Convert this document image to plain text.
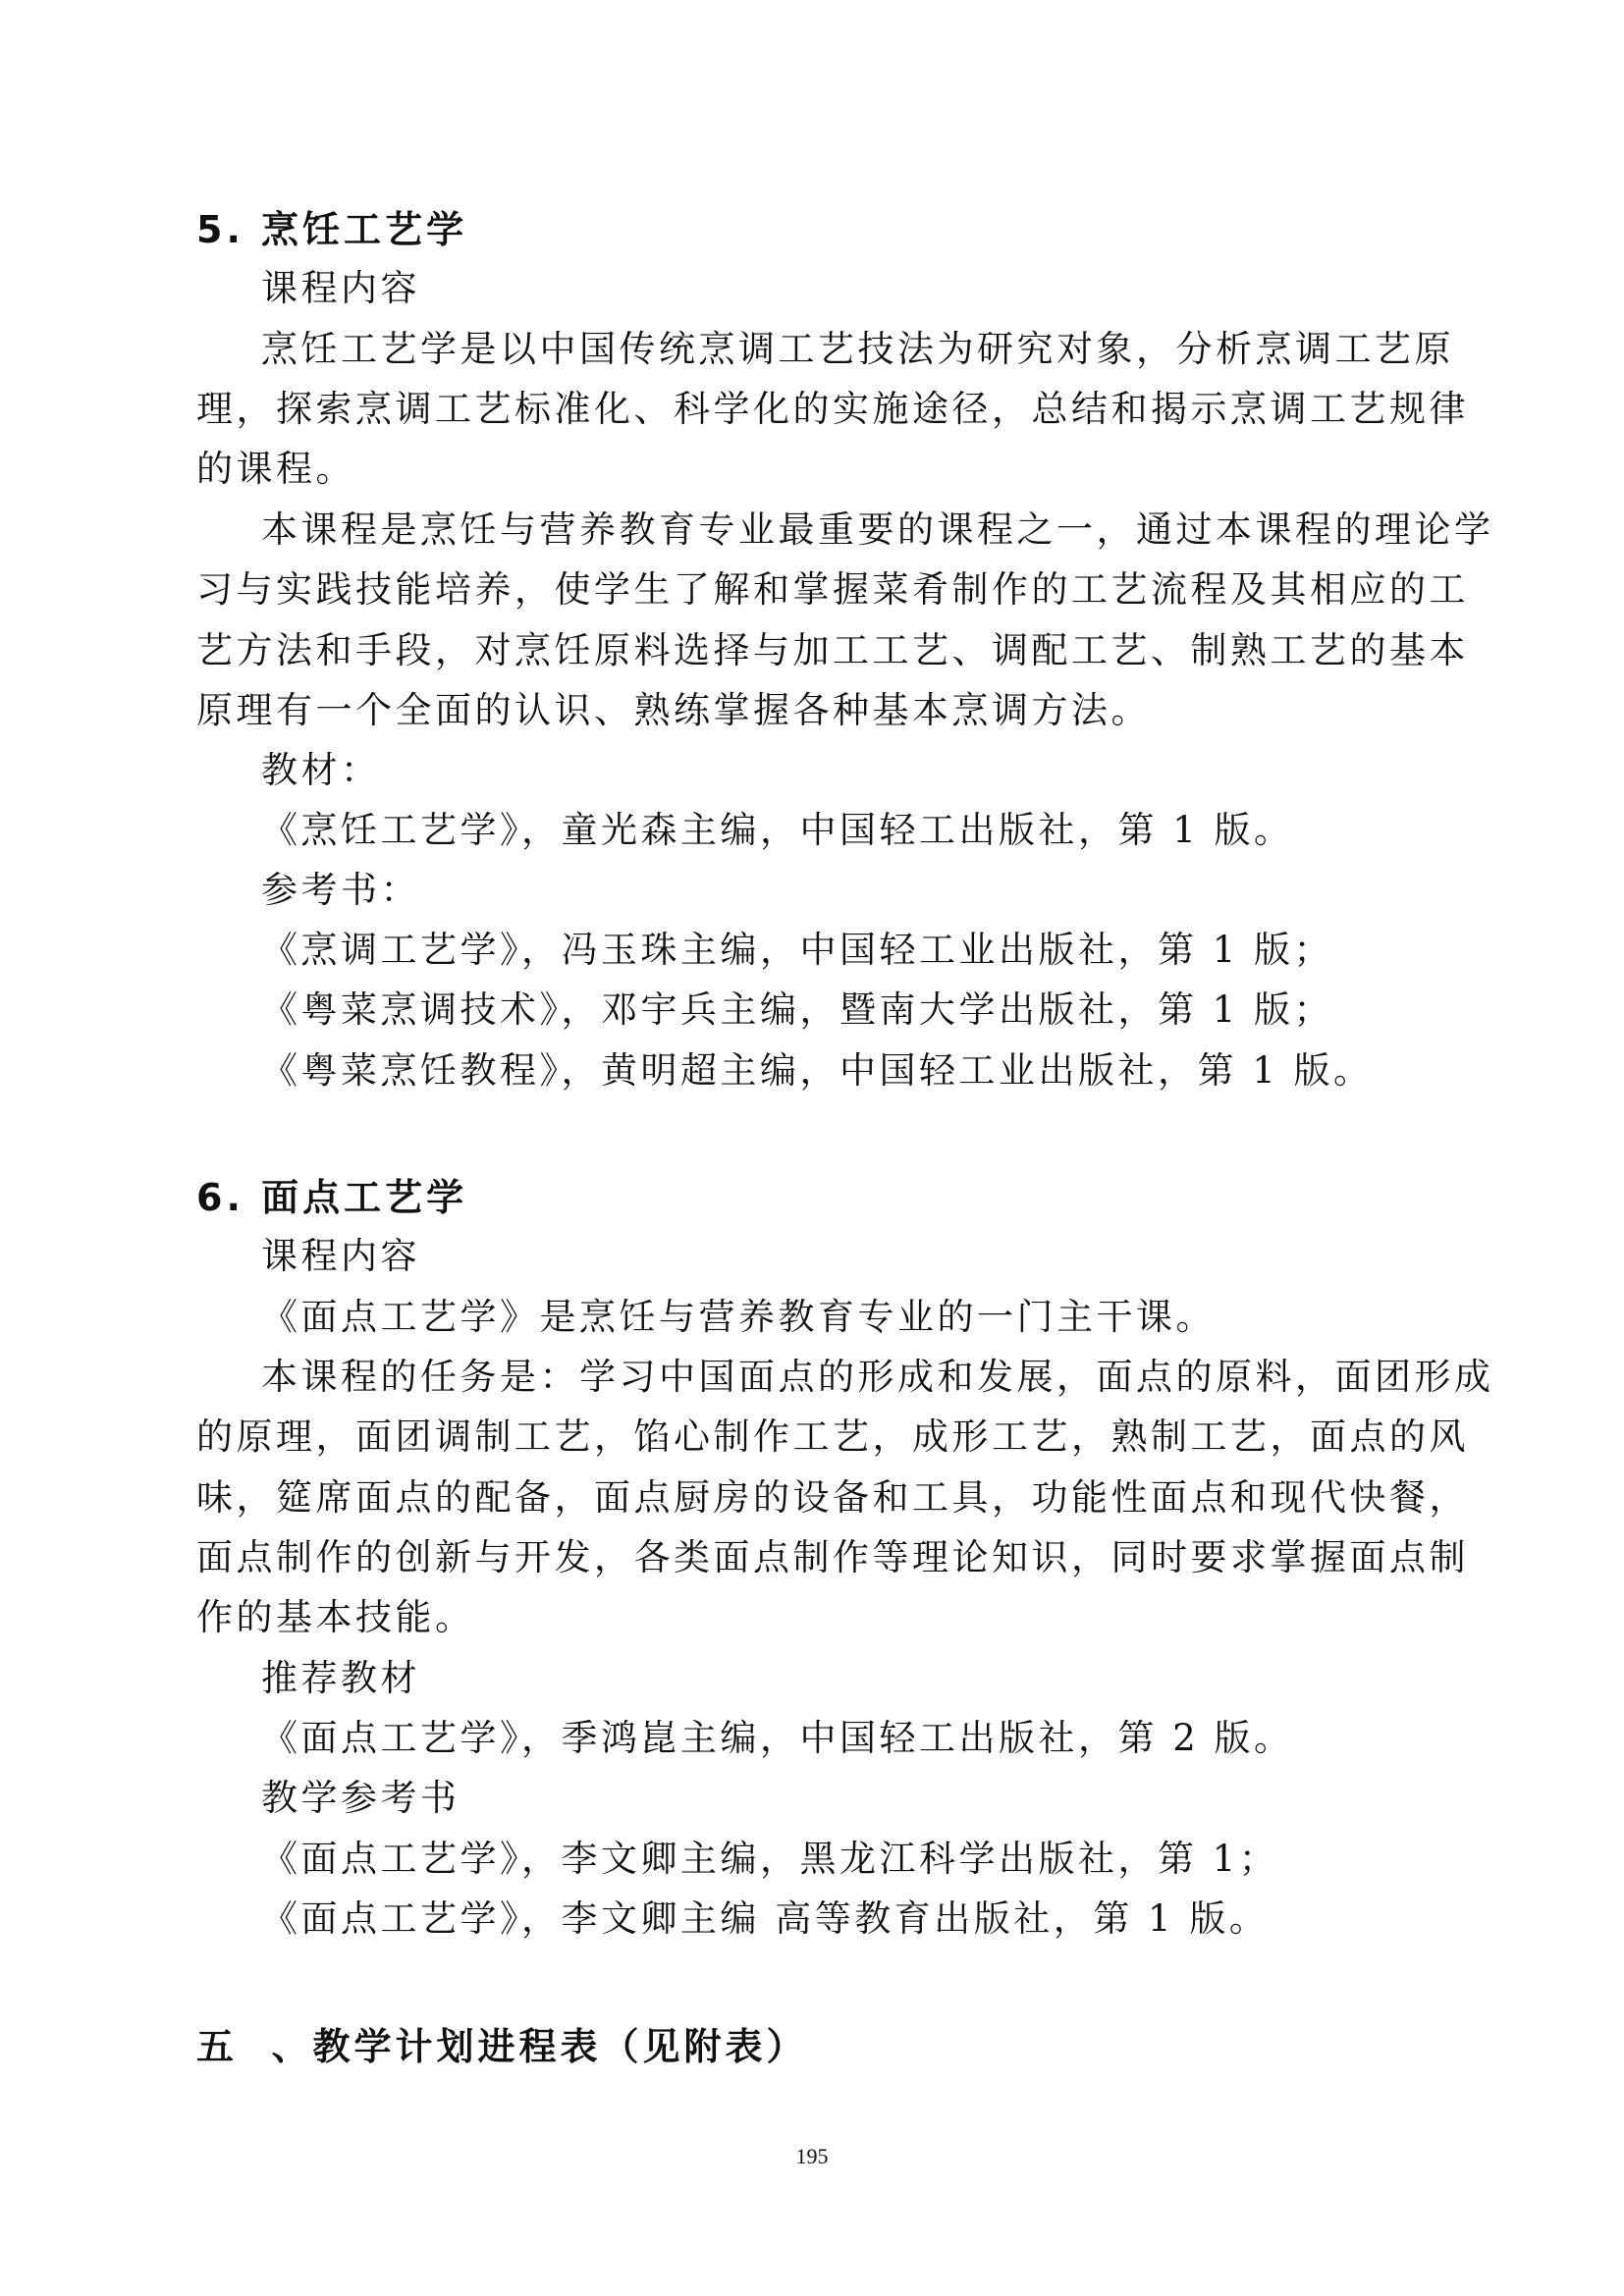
5. 烹饪工艺学
课程内容
烹饪工艺学是以中国传统烹调工艺技法为研究对象，分析烹调工艺原
理，探索烹调工艺标准化、科学化的实施途径，总结和揭示烹调工艺规律
的课程。
本课程是烹饪与营养教育专业最重要的课程之一，通过本课程的理论学
习与实践技能培养，使学生了解和掌握菜肴制作的工艺流程及其相应的工
艺方法和手段，对烹饪原料选择与加工工艺、调配工艺、制熟工艺的基本
原理有一个全面的认识、熟练掌握各种基本烹调方法。
教材：
《烹饪工艺学》，童光森主编，中国轻工出版社，第 1 版。
参考书：
《烹调工艺学》，冯玉珠主编，中国轻工业出版社，第 1 版；
《粤菜烹调技术》，邓宇兵主编，暨南大学出版社，第 1 版；
《粤菜烹饪教程》，黄明超主编，中国轻工业出版社，第 1 版。
6. 面点工艺学
课程内容
《面点工艺学》是烹饪与营养教育专业的一门主干课。
本课程的任务是：学习中国面点的形成和发展，面点的原料，面团形成
的原理，面团调制工艺，馅心制作工艺，成形工艺，熟制工艺，面点的风
味，筵席面点的配备，面点厨房的设备和工具，功能性面点和现代快餐，
面点制作的创新与开发，各类面点制作等理论知识，同时要求掌握面点制
作的基本技能。
推荐教材
《面点工艺学》，季鸿崑主编，中国轻工出版社，第 2 版。
教学参考书
《面点工艺学》，李文卿主编，黑龙江科学出版社，第 1；
《面点工艺学》，李文卿主编 高等教育出版社，第 1 版。
五  、教学计划进程表（见附表）
195
